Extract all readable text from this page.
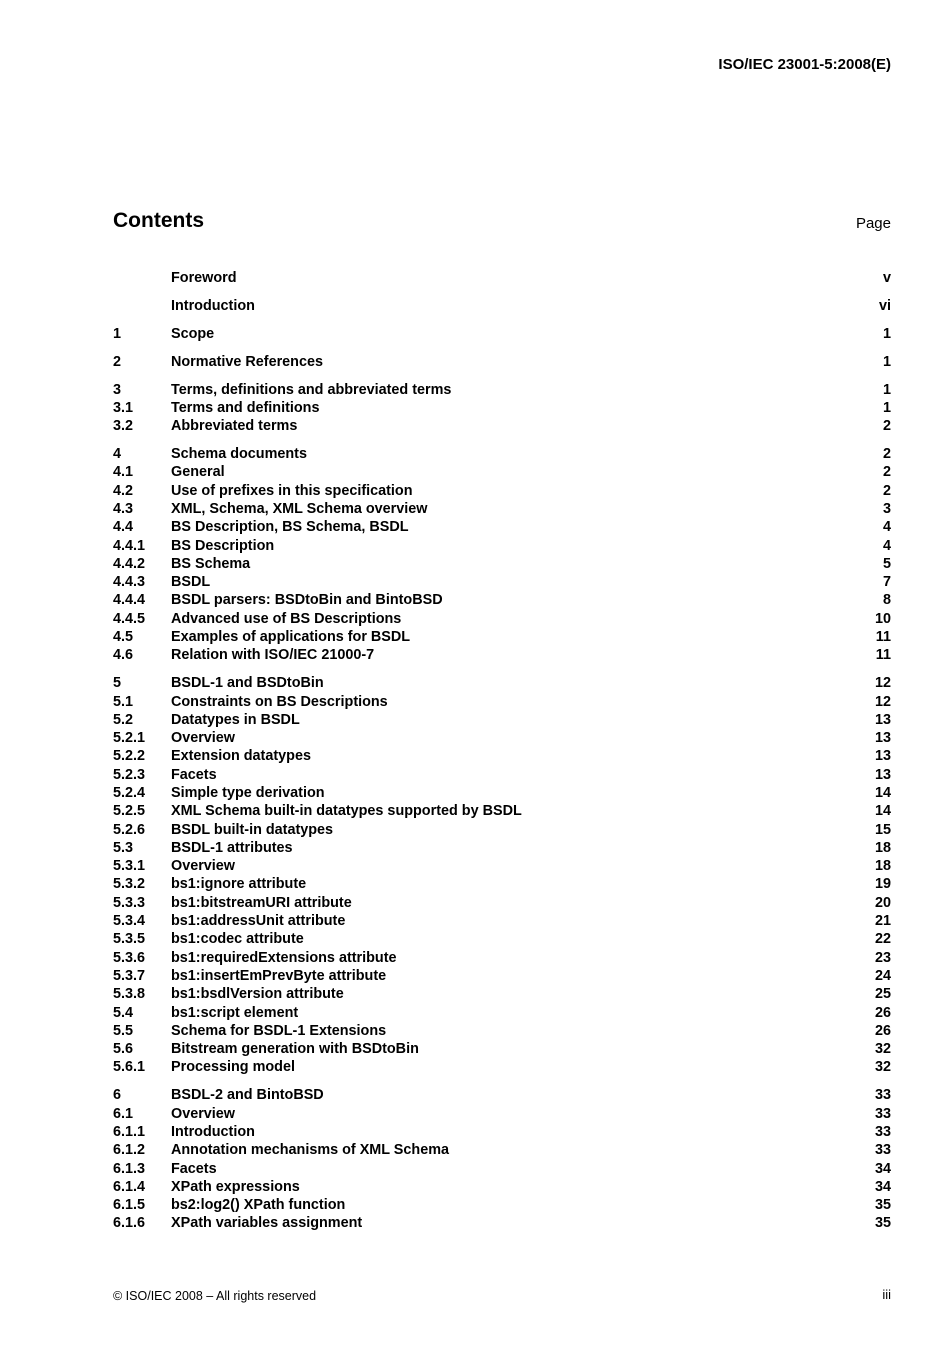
ISO/IEC 23001-5:2008(E)
Contents	Page
Foreword	v
Introduction	vi
1	Scope	1
2	Normative References	1
3	Terms, definitions and abbreviated terms	1
3.1	Terms and definitions	1
3.2	Abbreviated terms	2
4	Schema documents	2
4.1	General	2
4.2	Use of prefixes in this specification	2
4.3	XML, Schema, XML Schema overview	3
4.4	BS Description, BS Schema, BSDL	4
4.4.1	BS Description	4
4.4.2	BS Schema	5
4.4.3	BSDL	7
4.4.4	BSDL parsers: BSDtoBin and BintoBSD	8
4.4.5	Advanced use of BS Descriptions	10
4.5	Examples of applications for BSDL	11
4.6	Relation with ISO/IEC 21000-7	11
5	BSDL-1 and BSDtoBin	12
5.1	Constraints on BS Descriptions	12
5.2	Datatypes in BSDL	13
5.2.1	Overview	13
5.2.2	Extension datatypes	13
5.2.3	Facets	13
5.2.4	Simple type derivation	14
5.2.5	XML Schema built-in datatypes supported by BSDL	14
5.2.6	BSDL built-in datatypes	15
5.3	BSDL-1 attributes	18
5.3.1	Overview	18
5.3.2	bs1:ignore attribute	19
5.3.3	bs1:bitstreamURI attribute	20
5.3.4	bs1:addressUnit attribute	21
5.3.5	bs1:codec attribute	22
5.3.6	bs1:requiredExtensions attribute	23
5.3.7	bs1:insertEmPrevByte attribute	24
5.3.8	bs1:bsdlVersion attribute	25
5.4	bs1:script element	26
5.5	Schema for BSDL-1 Extensions	26
5.6	Bitstream generation with BSDtoBin	32
5.6.1	Processing model	32
6	BSDL-2 and BintoBSD	33
6.1	Overview	33
6.1.1	Introduction	33
6.1.2	Annotation mechanisms of XML Schema	33
6.1.3	Facets	34
6.1.4	XPath expressions	34
6.1.5	bs2:log2() XPath function	35
6.1.6	XPath variables assignment	35
© ISO/IEC 2008 – All rights reserved	iii
